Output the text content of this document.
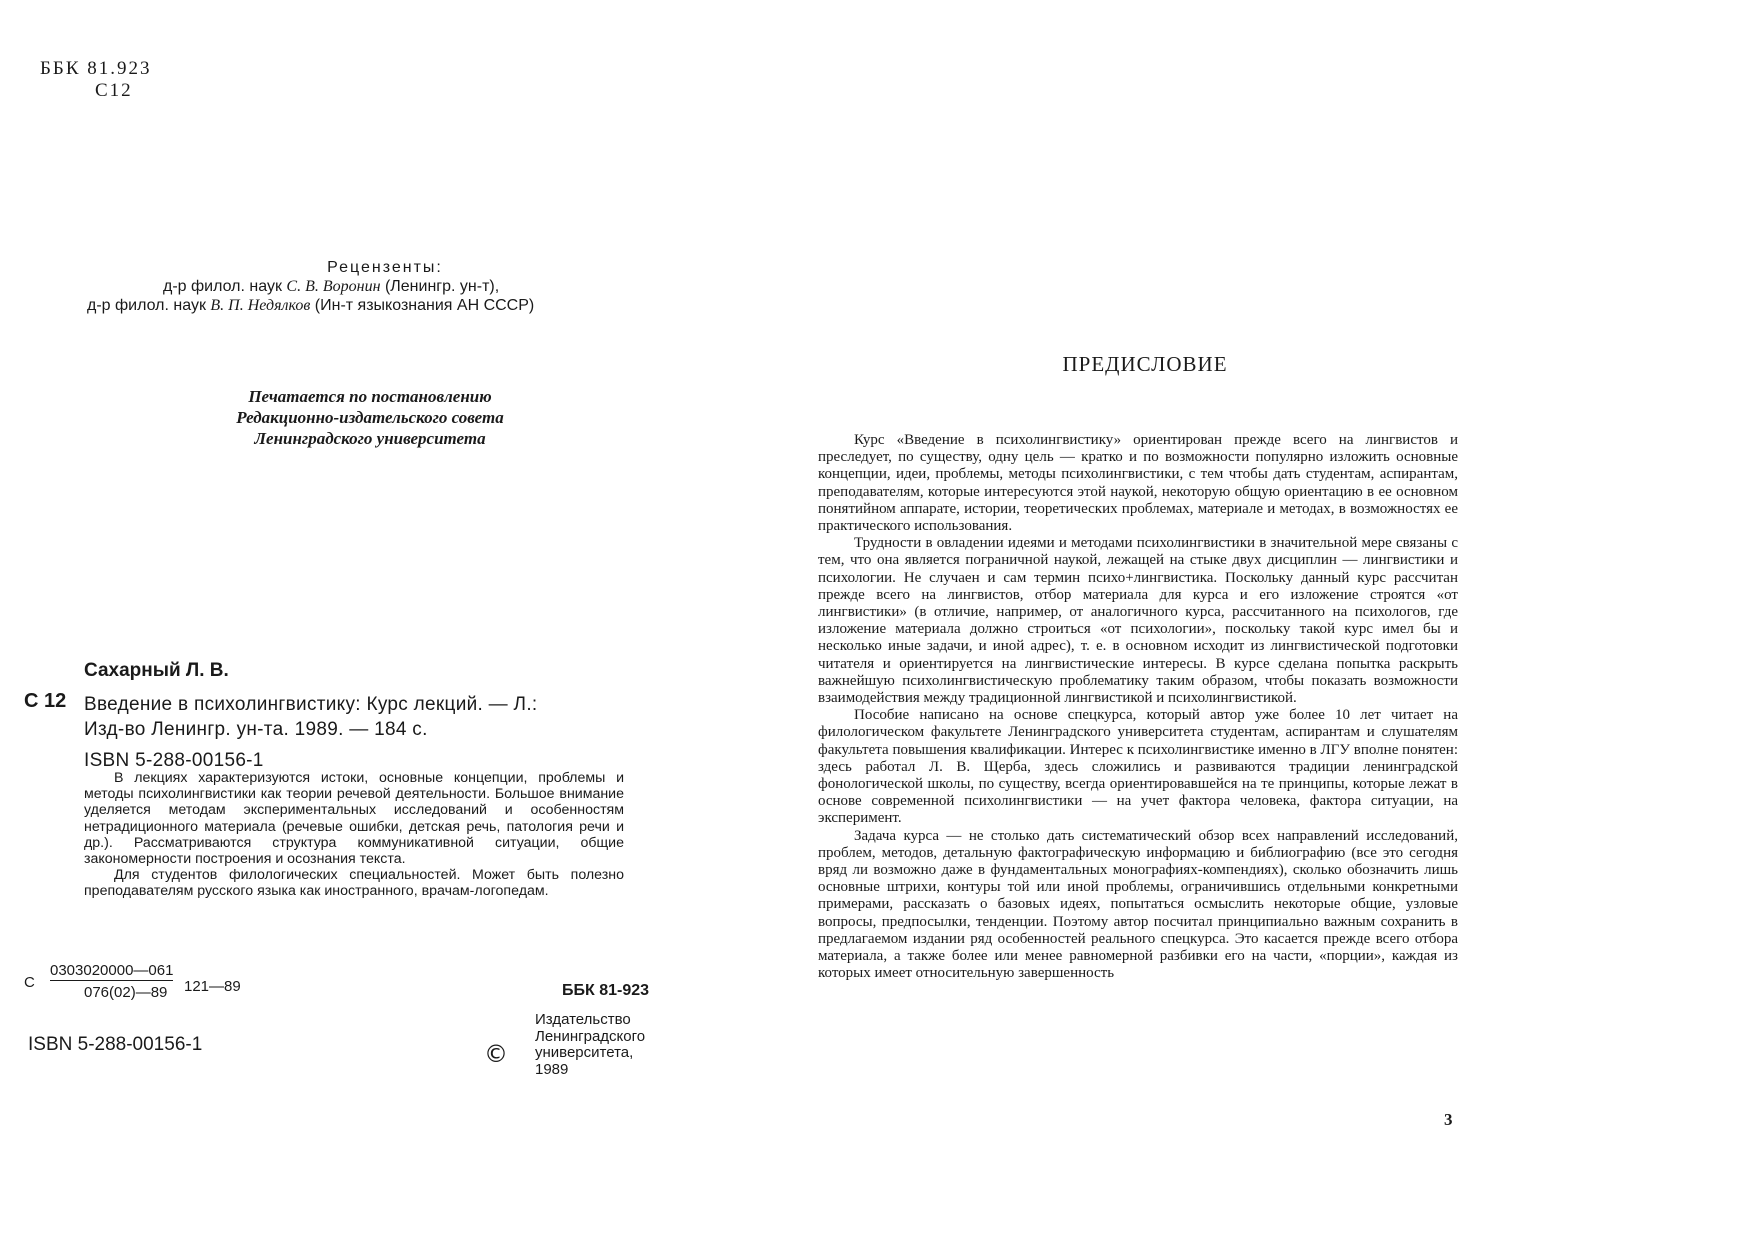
ББК 81.923
С12
Рецензенты:
д-р филол. наук С. В. Воронин (Ленингр. ун-т),
д-р филол. наук В. П. Недялков (Ин-т языкознания АН СССР)
Печатается по постановлению
Редакционно-издательского совета
Ленинградского университета
Сахарный Л. В.
С 12 Введение в психолингвистику: Курс лекций. — Л.:
Изд-во Ленингр. ун-та. 1989. — 184 с.
ISBN 5-288-00156-1

В лекциях характеризуются истоки, основные концепции, проблемы и методы психолингвистики как теории речевой деятельности. Большое внимание уделяется методам экспериментальных исследований и особенностям нетрадиционного материала (речевые ошибки, детская речь, патология речи и др.). Рассматриваются структура коммуникативной ситуации, общие закономерности построения и осознания текста.

Для студентов филологических специальностей. Может быть полезно преподавателям русского языка как иностранного, врачам-логопедам.

С
0303020000—061
076(02)—89 121—89	ББК 81-923
ISBN 5-288-00156-1	©
Издательство
Ленинградского
университета,
1989
ПРЕДИСЛОВИЕ

Курс «Введение в психолингвистику» ориентирован прежде всего на лингвистов и преследует, по существу, одну цель — кратко и по возможности популярно изложить основные концепции, идеи, проблемы, методы психолингвистики, с тем чтобы дать студентам, аспирантам, преподавателям, которые интересуются этой наукой, некоторую общую ориентацию в ее основном понятийном аппарате, истории, теоретических проблемах, материале и методах, в возможностях ее практического использования.

Трудности в овладении идеями и методами психолингвистики в значительной мере связаны с тем, что она является пограничной наукой, лежащей на стыке двух дисциплин — лингвистики и психологии. Не случаен и сам термин психо+лингвистика. Поскольку данный курс рассчитан прежде всего на лингвистов, отбор материала для курса и его изложение строятся «от лингвистики» (в отличие, например, от аналогичного курса, рассчитанного на психологов, где изложение материала должно строиться «от психологии», поскольку такой курс имел бы и несколько иные задачи, и иной адрес), т. е. в основном исходит из лингвистической подготовки читателя и ориентируется на лингвистические интересы. В курсе сделана попытка раскрыть важнейшую психолингвистическую проблематику таким образом, чтобы показать возможности взаимодействия между традиционной лингвистикой и психолингвистикой.

Пособие написано на основе спецкурса, который автор уже более 10 лет читает на филологическом факультете Ленинградского университета студентам, аспирантам и слушателям факультета повышения квалификации. Интерес к психолингвистике именно в ЛГУ вполне понятен: здесь работал Л. В. Щерба, здесь сложились и развиваются традиции ленинградской фонологической школы, по существу, всегда ориентировавшейся на те принципы, которые лежат в основе современной психолингвистики — на учет фактора человека, фактора ситуации, на эксперимент.

Задача курса — не столько дать систематический обзор всех направлений исследований, проблем, методов, детальную фактографическую информацию и библиографию (все это сегодня вряд ли возможно даже в фундаментальных монографиях-компендиях), сколько обозначить лишь основные штрихи, контуры той или иной проблемы, ограничившись отдельными конкретными примерами, рассказать о базовых идеях, попытаться осмыслить некоторые общие, узловые вопросы, предпосылки, тенденции. Поэтому автор посчитал принципиально важным сохранить в предлагаемом издании ряд особенностей реального спецкурса. Это касается прежде всего отбора материала, а также более или менее равномерной разбивки его на части, «порции», каждая из которых имеет относительную завершенность

3
